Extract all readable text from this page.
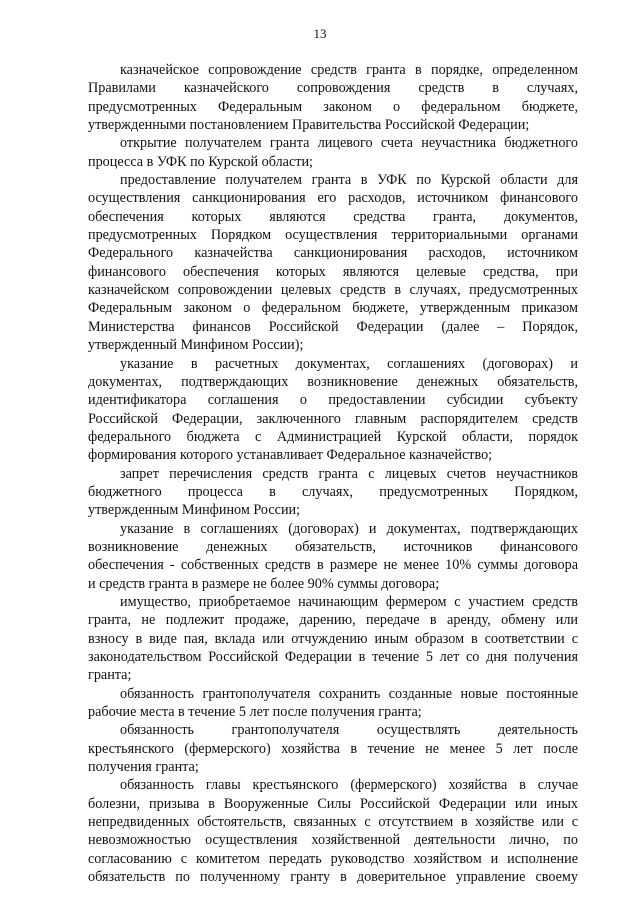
13

казначейское сопровождение средств гранта в порядке, определенном
Правилами казначейского сопровождения средств в случаях,
предусмотренных Федеральным законом о федеральном бюджете,
утвержденными постановлением Правительства Российской Федерации;

открытие получателем гранта лицевого счета неучастника бюджетного
процесса в УФК по Курской области;

предоставление получателем гранта в УФК по Курской области для
осуществления санкционирования его расходов, источником финансового
обеспечения которых являются средства гранта, документов,
предусмотренных Порядком осуществления территориальными органами
Федерального казначейства санкционирования расходов, источником
финансового обеспечения которых являются целевые средства, при
казначейском сопровождении целевых средств в случаях, предусмотренных
Федеральным законом о федеральном бюджете, утвержденным приказом
Министерства финансов Российской Федерации (далее – Порядок,
утвержденный Минфином России);

указание в расчетных документах, соглашениях (договорах) и
документах, подтверждающих возникновение денежных обязательств,
идентификатора соглашения о предоставлении субсидии субъекту
Российской Федерации, заключенного главным распорядителем средств
федерального бюджета с Администрацией Курской области, порядок
формирования которого устанавливает Федеральное казначейство;

запрет перечисления средств гранта с лицевых счетов неучастников
бюджетного процесса в случаях, предусмотренных Порядком,
утвержденным Минфином России;

указание в соглашениях (договорах) и документах, подтверждающих
возникновение денежных обязательств, источников финансового
обеспечения - собственных средств в размере не менее 10% суммы договора
и средств гранта в размере не более 90% суммы договора;

имущество, приобретаемое начинающим фермером с участием средств
гранта, не подлежит продаже, дарению, передаче в аренду, обмену или
взносу в виде пая, вклада или отчуждению иным образом в соответствии с
законодательством Российской Федерации в течение 5 лет со дня получения
гранта;

обязанность грантополучателя сохранить созданные новые постоянные
рабочие места в течение 5 лет после получения гранта;

обязанность грантополучателя осуществлять деятельность
крестьянского (фермерского) хозяйства в течение не менее 5 лет после
получения гранта;

обязанность главы крестьянского (фермерского) хозяйства в случае
болезни, призыва в Вооруженные Силы Российской Федерации или иных
непредвиденных обстоятельств, связанных с отсутствием в хозяйстве или с
невозможностью осуществления хозяйственной деятельности лично, по
согласованию с комитетом передать руководство хозяйством и исполнение
обязательств по полученному гранту в доверительное управление своему
